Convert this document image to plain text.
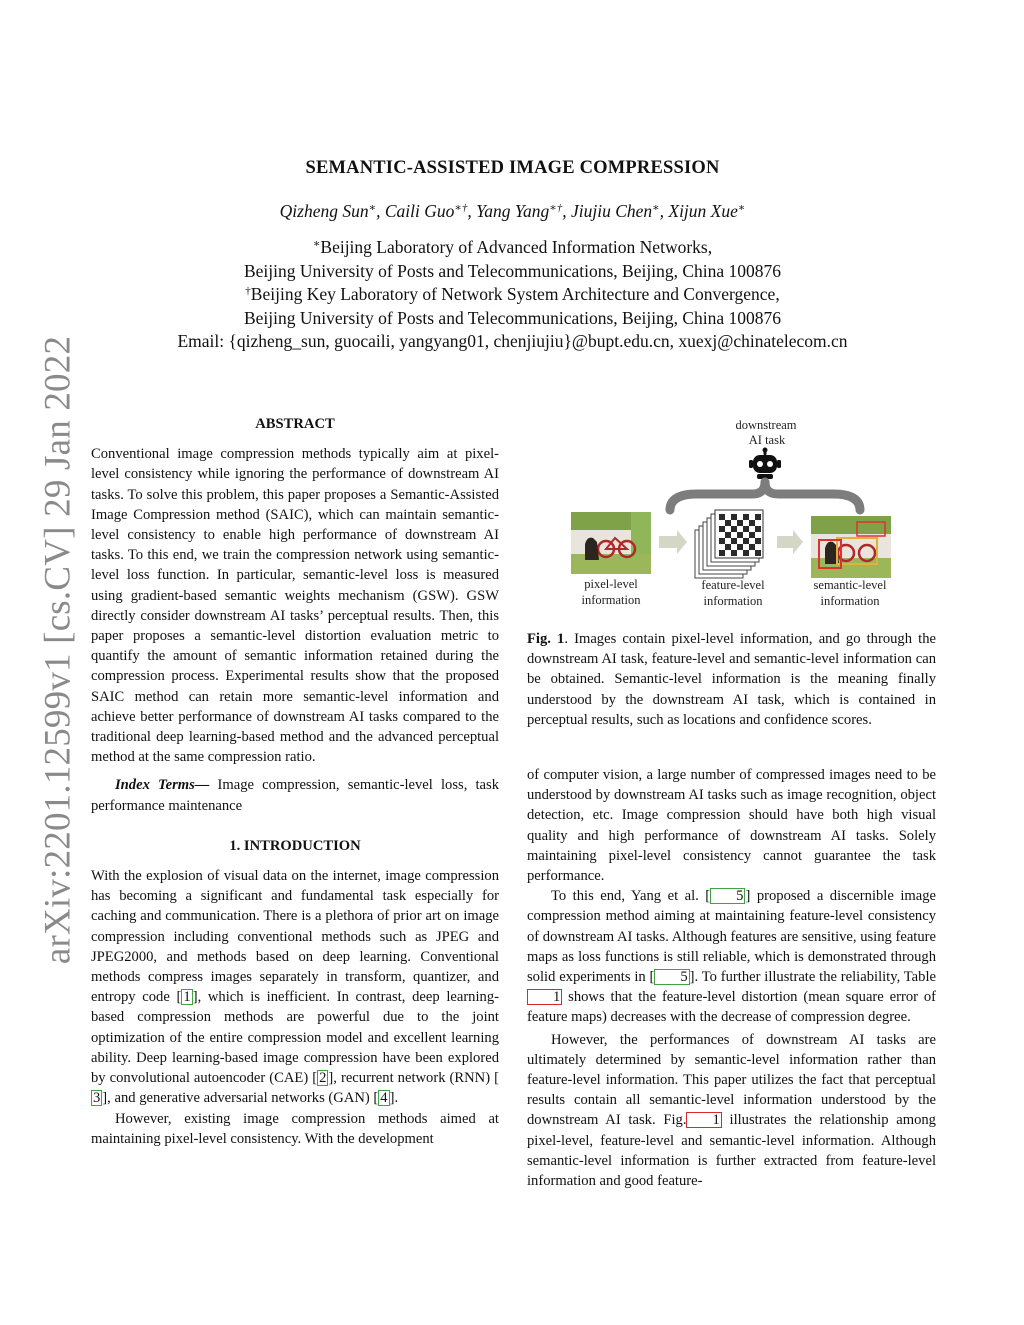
arXiv:2201.12599v1 [cs.CV] 29 Jan 2022
SEMANTIC-ASSISTED IMAGE COMPRESSION
Qizheng Sun∗, Caili Guo∗†, Yang Yang∗†, Jiujiu Chen∗, Xijun Xue∗
∗Beijing Laboratory of Advanced Information Networks,
Beijing University of Posts and Telecommunications, Beijing, China 100876
†Beijing Key Laboratory of Network System Architecture and Convergence,
Beijing University of Posts and Telecommunications, Beijing, China 100876
Email: {qizheng_sun, guocaili, yangyang01, chenjiujiu}@bupt.edu.cn, xuexj@chinatelecom.cn
ABSTRACT

Conventional image compression methods typically aim at pixel-level consistency while ignoring the performance of downstream AI tasks. To solve this problem, this paper proposes a Semantic-Assisted Image Compression method (SAIC), which can maintain semantic-level consistency to enable high performance of downstream AI tasks. To this end, we train the compression network using semantic-level loss function. In particular, semantic-level loss is measured using gradient-based semantic weights mechanism (GSW). GSW directly consider downstream AI tasks’ perceptual results. Then, this paper proposes a semantic-level distortion evaluation metric to quantify the amount of semantic information retained during the compression process. Experimental results show that the proposed SAIC method can retain more semantic-level information and achieve better performance of downstream AI tasks compared to the traditional deep learning-based method and the advanced perceptual method at the same compression ratio.

Index Terms— Image compression, semantic-level loss, task performance maintenance

1. INTRODUCTION

With the explosion of visual data on the internet, image compression has becoming a significant and fundamental task especially for caching and communication. There is a plethora of prior art on image compression including conventional methods such as JPEG and JPEG2000, and methods based on deep learning. Conventional methods compress images separately in transform, quantizer, and entropy code [ 1 ], which is inefficient. In contrast, deep learning-based compression methods are powerful due to the joint optimization of the entire compression model and excellent learning ability. Deep learning-based image compression have been explored by convolutional autoencoder (CAE) [ 2 ], recurrent network (RNN) [3 ], and generative adversarial networks (GAN) [ 4 ].

However, existing image compression methods aimed at maintaining pixel-level consistency. With the development

downstream
AI task
pixel-level
information
feature-level
information
semantic-level
information
Fig. 1. Images contain pixel-level information, and go through the downstream AI task, feature-level and semantic-level information can be obtained. Semantic-level information is the meaning finally understood by the downstream AI task, which is contained in perceptual results, such as locations and confidence scores.

of computer vision, a large number of compressed images need to be understood by downstream AI tasks such as image recognition, object detection, etc. Image compression should have both high visual quality and high performance of downstream AI tasks. Solely maintaining pixel-level consistency cannot guarantee the task performance.

To this end, Yang et al. [ 5 ] proposed a discernible image compression method aiming at maintaining feature-level consistency of downstream AI tasks. Although features are sensitive, using feature maps as loss functions is still reliable, which is demonstrated through solid experiments in [ 5 ]. To further illustrate the reliability, Table 1 shows that the feature-level distortion (mean square error of feature maps) decreases with the decrease of compression degree.

However, the performances of downstream AI tasks are ultimately determined by semantic-level information rather than feature-level information. This paper utilizes the fact that perceptual results contain all semantic-level information understood by the downstream AI task. Fig. 1 illustrates the relationship among pixel-level, feature-level and semantic-level information. Although semantic-level information is further extracted from feature-level information and good feature-
